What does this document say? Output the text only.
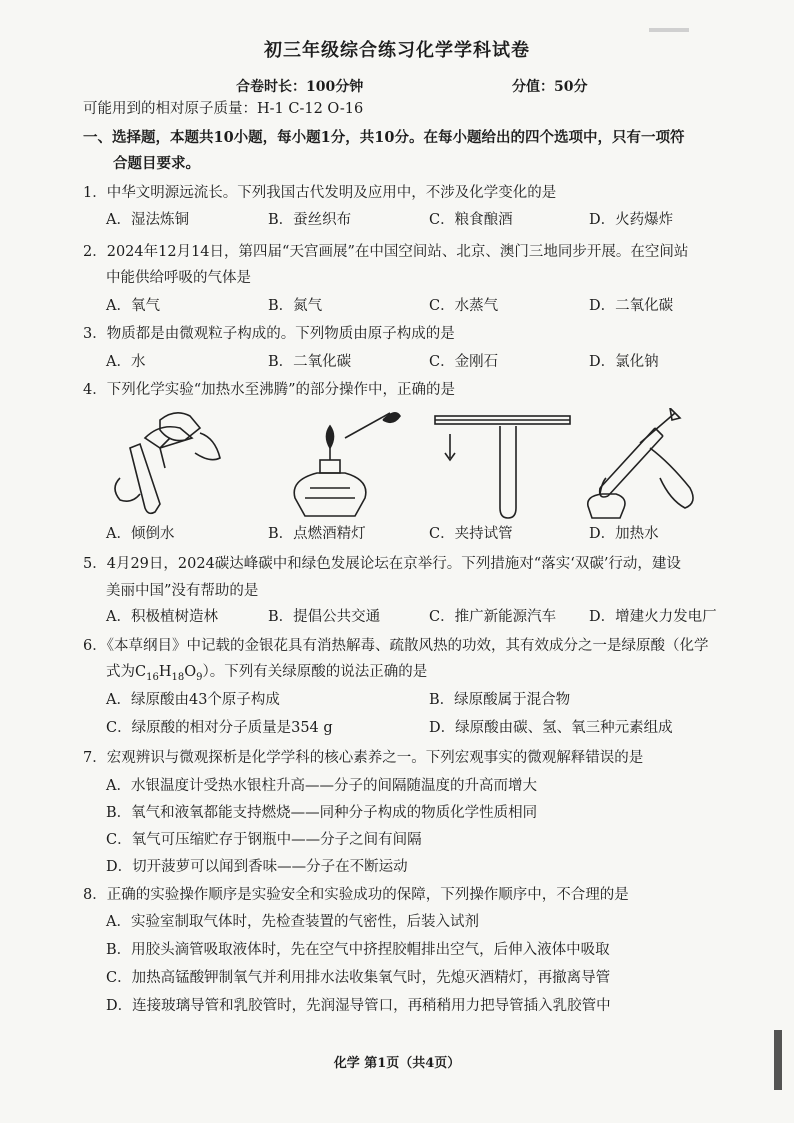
初三年级综合练习化学学科试卷
合卷时长：100分钟	分值：50分
可能用到的相对原子质量：H-1 C-12 O-16
一、选择题，本题共10小题，每小题1分，共10分。在每小题给出的四个选项中，只有一项符
合题目要求。
1．中华文明源远流长。下列我国古代发明及应用中，不涉及化学变化的是
A．湿法炼铜	B．蚕丝织布	C．粮食酿酒	D．火药爆炸
2．2024年12月14日，第四届“天宫画展”在中国空间站、北京、澳门三地同步开展。在空间站
中能供给呼吸的气体是
A．氧气	B．氮气	C．水蒸气	D．二氧化碳
3．物质都是由微观粒子构成的。下列物质由原子构成的是
A．水	B．二氧化碳	C．金刚石	D．氯化钠
4．下列化学实验“加热水至沸腾”的部分操作中，正确的是
A．倾倒水	B．点燃酒精灯	C．夹持试管	D．加热水
5．4月29日，2024碳达峰碳中和绿色发展论坛在京举行。下列措施对“落实‘双碳’行动，建设
美丽中国”没有帮助的是
A．积极植树造林	B．提倡公共交通	C．推广新能源汽车 D．增建火力发电厂
6．《本草纲目》中记载的金银花具有消热解毒、疏散风热的功效，其有效成分之一是绿原酸（化学
式为$C_{16}H_{18}O_9$）。下列有关绿原酸的说法正确的是
A．绿原酸由43个原子构成	B．绿原酸属于混合物
C．绿原酸的相对分子质量是354 g	D．绿原酸由碳、氢、氧三种元素组成
7．宏观辨识与微观探析是化学学科的核心素养之一。下列宏观事实的微观解释错误的是
A．水银温度计受热水银柱升高——分子的间隔随温度的升高而增大
B．氧气和液氧都能支持燃烧——同种分子构成的物质化学性质相同
C．氧气可压缩贮存于钢瓶中——分子之间有间隔
D．切开菠萝可以闻到香味——分子在不断运动
8．正确的实验操作顺序是实验安全和实验成功的保障，下列操作顺序中，不合理的是
A．实验室制取气体时，先检查装置的气密性，后装入试剂
B．用胶头滴管吸取液体时，先在空气中挤捏胶帽排出空气，后伸入液体中吸取
C．加热高锰酸钾制氧气并利用排水法收集氧气时，先熄灭酒精灯，再撤离导管
D．连接玻璃导管和乳胶管时，先润湿导管口，再稍稍用力把导管插入乳胶管中
化学 第1页（共4页）
